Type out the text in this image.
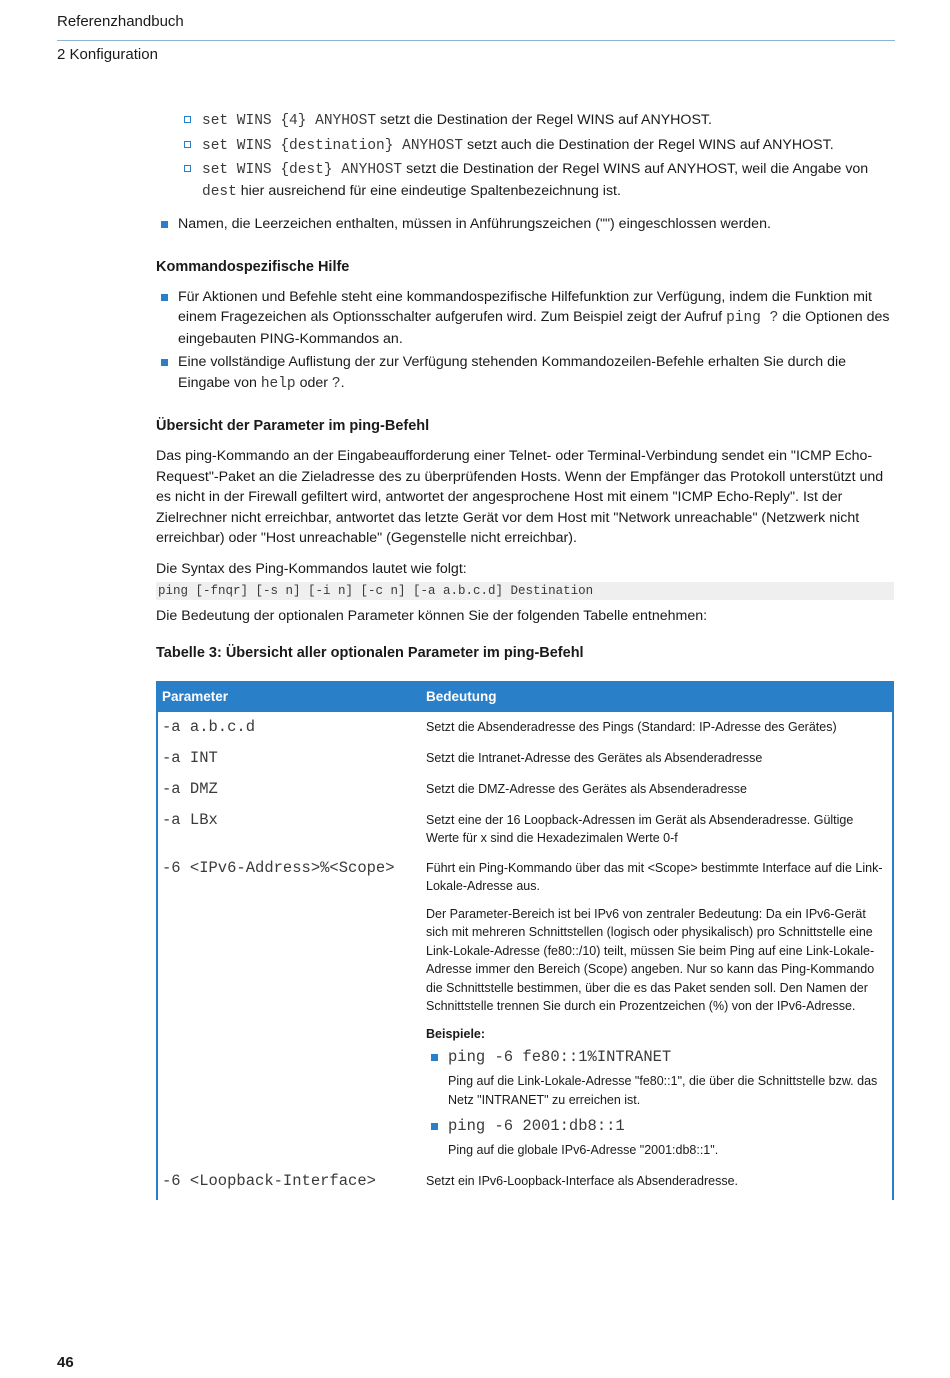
Referenzhandbuch
2 Konfiguration
set WINS {4} ANYHOST setzt die Destination der Regel WINS auf ANYHOST.
set WINS {destination} ANYHOST setzt auch die Destination der Regel WINS auf ANYHOST.
set WINS {dest} ANYHOST setzt die Destination der Regel WINS auf ANYHOST, weil die Angabe von dest hier ausreichend für eine eindeutige Spaltenbezeichnung ist.
Namen, die Leerzeichen enthalten, müssen in Anführungszeichen ("") eingeschlossen werden.
Kommandospezifische Hilfe
Für Aktionen und Befehle steht eine kommandospezifische Hilfefunktion zur Verfügung, indem die Funktion mit einem Fragezeichen als Optionsschalter aufgerufen wird. Zum Beispiel zeigt der Aufruf ping ? die Optionen des eingebauten PING-Kommandos an.
Eine vollständige Auflistung der zur Verfügung stehenden Kommandozeilen-Befehle erhalten Sie durch die Eingabe von help oder ?.
Übersicht der Parameter im ping-Befehl

Das ping-Kommando an der Eingabeaufforderung einer Telnet- oder Terminal-Verbindung sendet ein "ICMP Echo-Request"-Paket an die Zieladresse des zu überprüfenden Hosts. Wenn der Empfänger das Protokoll unterstützt und es nicht in der Firewall gefiltert wird, antwortet der angesprochene Host mit einem "ICMP Echo-Reply". Ist der Zielrechner nicht erreichbar, antwortet das letzte Gerät vor dem Host mit "Network unreachable" (Netzwerk nicht erreichbar) oder "Host unreachable" (Gegenstelle nicht erreichbar).

Die Syntax des Ping-Kommandos lautet wie folgt:

ping [-fnqr] [-s n] [-i n] [-c n] [-a a.b.c.d] Destination

Die Bedeutung der optionalen Parameter können Sie der folgenden Tabelle entnehmen:

Tabelle 3: Übersicht aller optionalen Parameter im ping-Befehl
Parameter	Bedeutung
-a a.b.c.d	Setzt die Absenderadresse des Pings (Standard: IP-Adresse des Gerätes)
-a INT	Setzt die Intranet-Adresse des Gerätes als Absenderadresse
-a DMZ	Setzt die DMZ-Adresse des Gerätes als Absenderadresse
-a LBx	Setzt eine der 16 Loopback-Adressen im Gerät als Absenderadresse. Gültige Werte für x sind die Hexadezimalen Werte 0-f
-6 <IPv6-Address>%<Scope>	Führt ein Ping-Kommando über das mit <Scope> bestimmte Interface auf die Link-Lokale-Adresse aus.

Der Parameter-Bereich ist bei IPv6 von zentraler Bedeutung: Da ein IPv6-Gerät sich mit mehreren Schnittstellen (logisch oder physikalisch) pro Schnittstelle eine Link-Lokale-Adresse (fe80::/10) teilt, müssen Sie beim Ping auf eine Link-Lokale-Adresse immer den Bereich (Scope) angeben. Nur so kann das Ping-Kommando die Schnittstelle bestimmen, über die es das Paket senden soll. Den Namen der Schnittstelle trennen Sie durch ein Prozentzeichen (%) von der IPv6-Adresse.

Beispiele:

ping -6 fe80::1%INTRANET
Ping auf die Link-Lokale-Adresse "fe80::1", die über die Schnittstelle bzw. das Netz "INTRANET" zu erreichen ist.
ping -6 2001:db8::1
Ping auf die globale IPv6-Adresse "2001:db8::1".
-6 <Loopback-Interface>	Setzt ein IPv6-Loopback-Interface als Absenderadresse.
46
